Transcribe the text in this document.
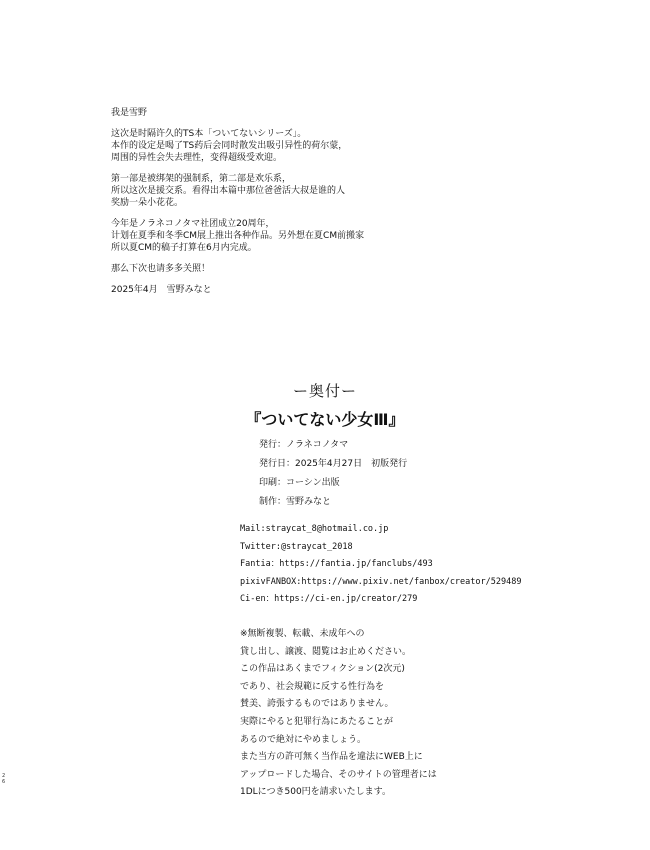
我是雪野

这次是时隔许久的TS本「ついてないシリーズ」。
本作的设定是喝了TS药后会同时散发出吸引异性的荷尔蒙，
周围的异性会失去理性，变得超级受欢迎。

第一部是被绑架的强制系，第二部是欢乐系，
所以这次是援交系。看得出本篇中那位爸爸活大叔是谁的人
奖励一朵小花花。

今年是ノラネコノタマ社团成立20周年，
计划在夏季和冬季CM展上推出各种作品。另外想在夏CM前搬家
所以夏CM的稿子打算在6月内完成。

那么下次也请多多关照！

2025年4月　雪野みなと

ー奥付ー
『ついてない少女Ⅲ』
発行：ノラネコノタマ
発行日：2025年4月27日　初版発行
印刷：コーシン出版
制作：雪野みなと
Mail:straycat_8@hotmail.co.jp
Twitter:@straycat_2018
Fantia：https://fantia.jp/fanclubs/493
pixivFANBOX:https://www.pixiv.net/fanbox/creator/529489
Ci-en：https://ci-en.jp/creator/279
※無断複製、転載、未成年への
貸し出し、譲渡、閲覧はお止めください。
この作品はあくまでフィクション(2次元)
であり、社会規範に反する性行為を
賛美、誇張するものではありません。
実際にやると犯罪行為にあたることが
あるので絶対にやめましょう。
また当方の許可無く当作品を違法にWEB上に
アップロードした場合、そのサイトの管理者には
1DLにつき500円を請求いたします。
2
6
